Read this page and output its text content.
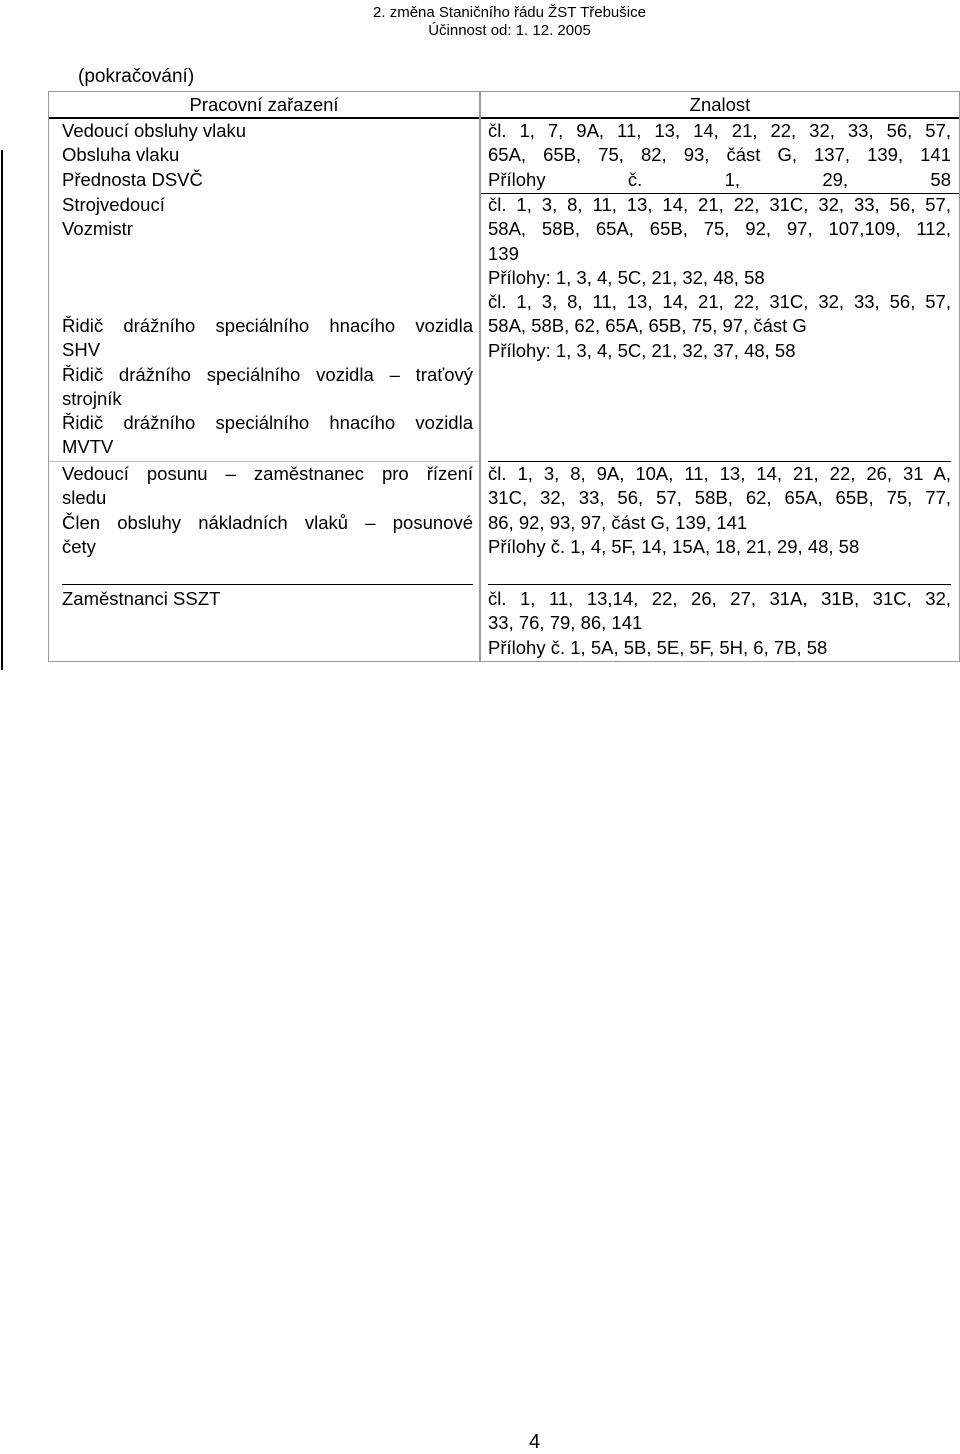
2. změna Staničního řádu ŽST Třebušice
Účinnost od: 1. 12. 2005
(pokračování)
Pracovní zařazení	Znalost
Vedoucí obsluhy vlaku
Obsluha vlaku
Přednosta DSVČ
čl. 1, 7, 9A, 11, 13, 14, 21, 22, 32, 33, 56, 57,
65A, 65B, 75, 82, 93, část G, 137, 139, 141
Přílohy č. 1, 29, 58
Strojvedoucí
Vozmistr
čl. 1, 3, 8, 11, 13, 14, 21, 22, 31C, 32, 33, 56, 57,
58A, 58B, 65A, 65B, 75, 92, 97, 107,109, 112,
139
Přílohy: 1, 3, 4, 5C, 21, 32, 48, 58
Řidič drážního speciálního hnacího vozidla
SHV
Řidič drážního speciálního vozidla – traťový
strojník
Řidič drážního speciálního hnacího vozidla
MVTV
čl. 1, 3, 8, 11, 13, 14, 21, 22, 31C, 32, 33, 56, 57,
58A, 58B, 62, 65A, 65B, 75, 97, část G
Přílohy: 1, 3, 4, 5C, 21, 32, 37, 48, 58
Vedoucí posunu – zaměstnanec pro řízení
sledu
Člen obsluhy nákladních vlaků – posunové
čety
čl. 1, 3, 8, 9A, 10A, 11, 13, 14, 21, 22, 26, 31 A,
31C, 32, 33, 56, 57, 58B, 62, 65A, 65B, 75, 77,
86, 92, 93, 97, část G, 139, 141
Přílohy č. 1, 4, 5F, 14, 15A, 18, 21, 29, 48, 58
Zaměstnanci SSZT	čl. 1, 11, 13,14, 22, 26, 27, 31A, 31B, 31C, 32,
33, 76, 79, 86, 141
Přílohy č. 1, 5A, 5B, 5E, 5F, 5H, 6, 7B, 58
4
